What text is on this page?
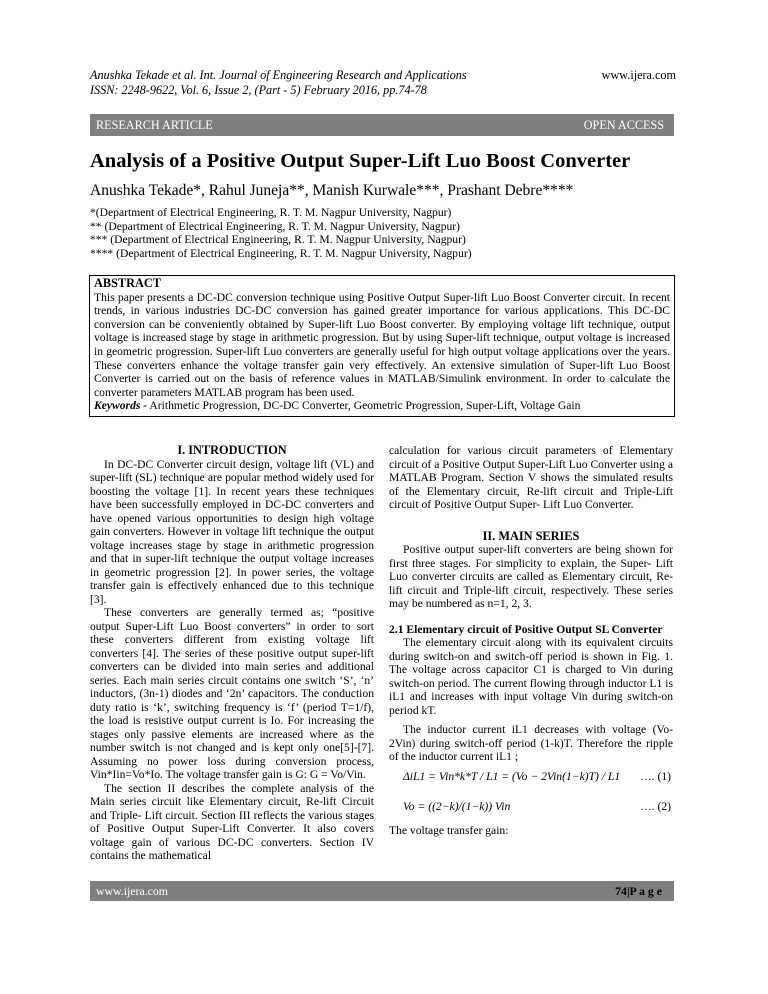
Anushka Tekade et al. Int. Journal of Engineering Research and Applications
ISSN: 2248-9622, Vol. 6, Issue 2, (Part - 5) February 2016, pp.74-78
www.ijera.com
RESEARCH ARTICLE	OPEN ACCESS
Analysis of a Positive Output Super-Lift Luo Boost Converter
Anushka Tekade*, Rahul Juneja**, Manish Kurwale***, Prashant Debre****
*(Department of Electrical Engineering, R. T. M. Nagpur University, Nagpur)
** (Department of Electrical Engineering, R. T. M. Nagpur University, Nagpur)
*** (Department of Electrical Engineering, R. T. M. Nagpur University, Nagpur)
**** (Department of Electrical Engineering, R. T. M. Nagpur University, Nagpur)
ABSTRACT

This paper presents a DC-DC conversion technique using Positive Output Super-lift Luo Boost Converter circuit. In recent trends, in various industries DC-DC conversion has gained greater importance for various applications. This DC-DC conversion can be conveniently obtained by Super-lift Luo Boost converter. By employing voltage lift technique, output voltage is increased stage by stage in arithmetic progression. But by using Super-lift technique, output voltage is increased in geometric progression. Super-lift Luo converters are generally useful for high output voltage applications over the years. These converters enhance the voltage transfer gain very effectively. An extensive simulation of Super-lift Luo Boost Converter is carried out on the basis of reference values in MATLAB/Simulink environment. In order to calculate the converter parameters MATLAB program has been used.

Keywords - Arithmetic Progression, DC-DC Converter, Geometric Progression, Super-Lift, Voltage Gain

I. INTRODUCTION

In DC-DC Converter circuit design, voltage lift (VL) and super-lift (SL) technique are popular method widely used for boosting the voltage [1]. In recent years these techniques have been successfully employed in DC-DC converters and have opened various opportunities to design high voltage gain converters. However in voltage lift technique the output voltage increases stage by stage in arithmetic progression and that in super-lift technique the output voltage increases in geometric progression [2]. In power series, the voltage transfer gain is effectively enhanced due to this technique [3].

These converters are generally termed as; “positive output Super-Lift Luo Boost converters” in order to sort these converters different from existing voltage lift converters [4]. The series of these positive output super-lift converters can be divided into main series and additional series. Each main series circuit contains one switch ‘S’, ‘n’ inductors, (3n-1) diodes and ‘2n’ capacitors. The conduction duty ratio is ‘k’, switching frequency is ‘f’ (period T=1/f), the load is resistive output current is Io. For increasing the stages only passive elements are increased where as the number switch is not changed and is kept only one[5]-[7]. Assuming no power loss during conversion process, Vin*Iin=Vo*Io. The voltage transfer gain is G: G = Vo/Vin.

The section II describes the complete analysis of the Main series circuit like Elementary circuit, Re-lift Circuit and Triple- Lift circuit. Section III reflects the various stages of Positive Output Super-Lift Converter. It also covers voltage gain of various DC-DC converters. Section IV contains the mathematical

calculation for various circuit parameters of Elementary circuit of a Positive Output Super-Lift Luo Converter using a MATLAB Program. Section V shows the simulated results of the Elementary circuit, Re-lift circuit and Triple-Lift circuit of Positive Output Super- Lift Luo Converter.

II. MAIN SERIES

Positive output super-lift converters are being shown for first three stages. For simplicity to explain, the Super- Lift Luo converter circuits are called as Elementary circuit, Re-lift circuit and Triple-lift circuit, respectively. These series may be numbered as n=1, 2, 3.

2.1 Elementary circuit of Positive Output SL Converter

The elementary circuit along with its equivalent circuits during switch-on and switch-off period is shown in Fig. 1. The voltage across capacitor C1 is charged to Vin during switch-on period. The current flowing through inductor L1 is iL1 and increases with input voltage Vin during switch-on period kT.

The inductor current iL1 decreases with voltage (Vo-2Vin) during switch-off period (1-k)T. Therefore the ripple of the inductor current iL1 ;

ΔiL1 = Vin*k*T / L1 = (Vo − 2Vin(1−k)T) / L1 …. (1)
Vo = ((2−k)/(1−k)) Vin	…. (2)

The voltage transfer gain:

www.ijera.com	74|P a g e
